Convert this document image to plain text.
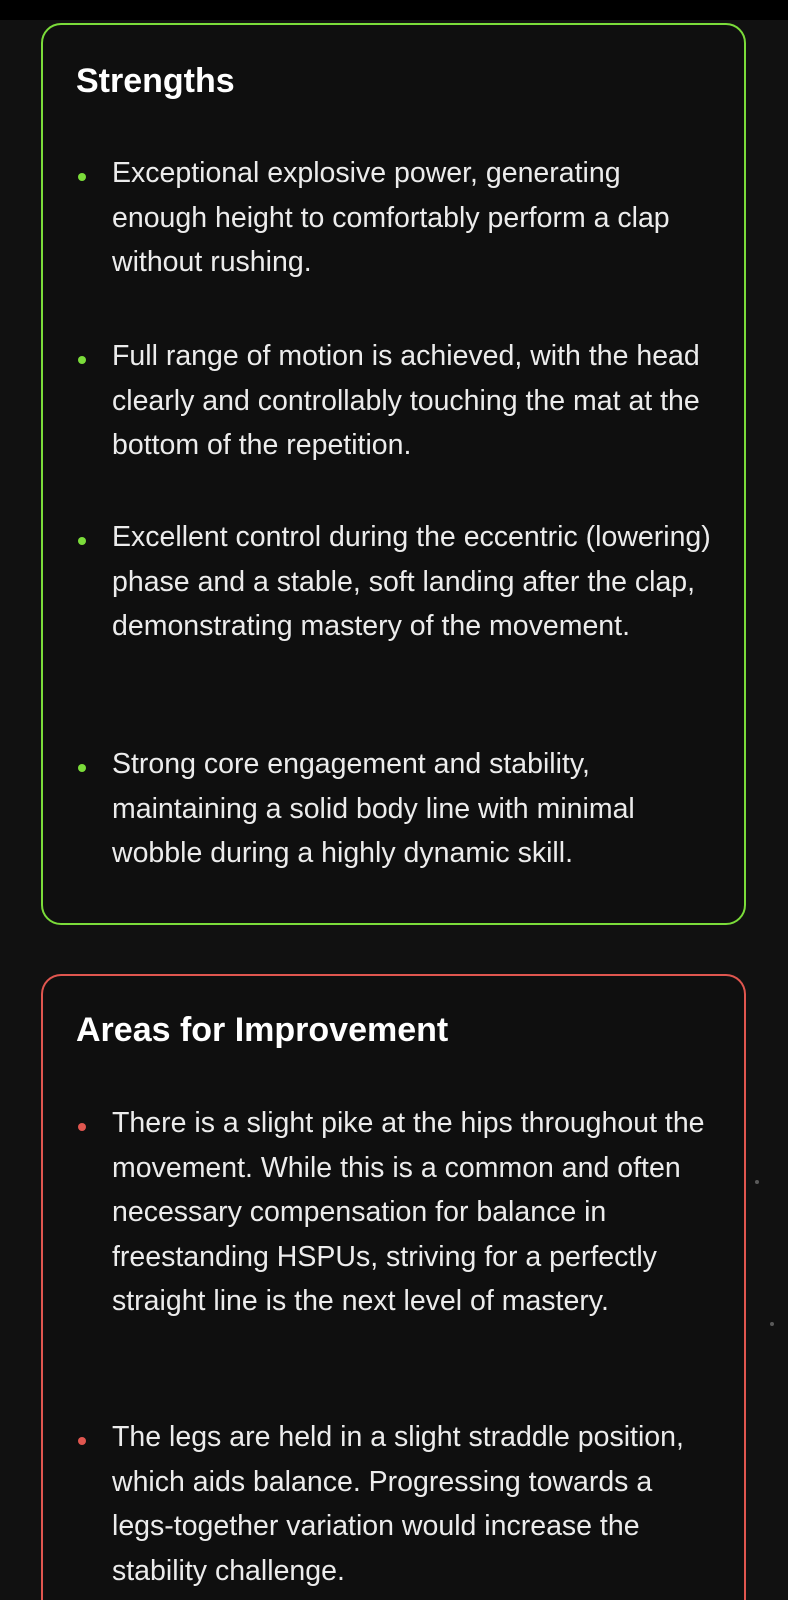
Strengths

Exceptional explosive power, generating enough height to comfortably perform a clap without rushing.

Full range of motion is achieved, with the head clearly and controllably touching the mat at the bottom of the repetition.

Excellent control during the eccentric (lowering) phase and a stable, soft landing after the clap, demonstrating mastery of the movement.

Strong core engagement and stability, maintaining a solid body line with minimal wobble during a highly dynamic skill.

Areas for Improvement

There is a slight pike at the hips throughout the movement. While this is a common and often necessary compensation for balance in freestanding HSPUs, striving for a perfectly straight line is the next level of mastery.

The legs are held in a slight straddle position, which aids balance. Progressing towards a legs-together variation would increase the stability challenge.
